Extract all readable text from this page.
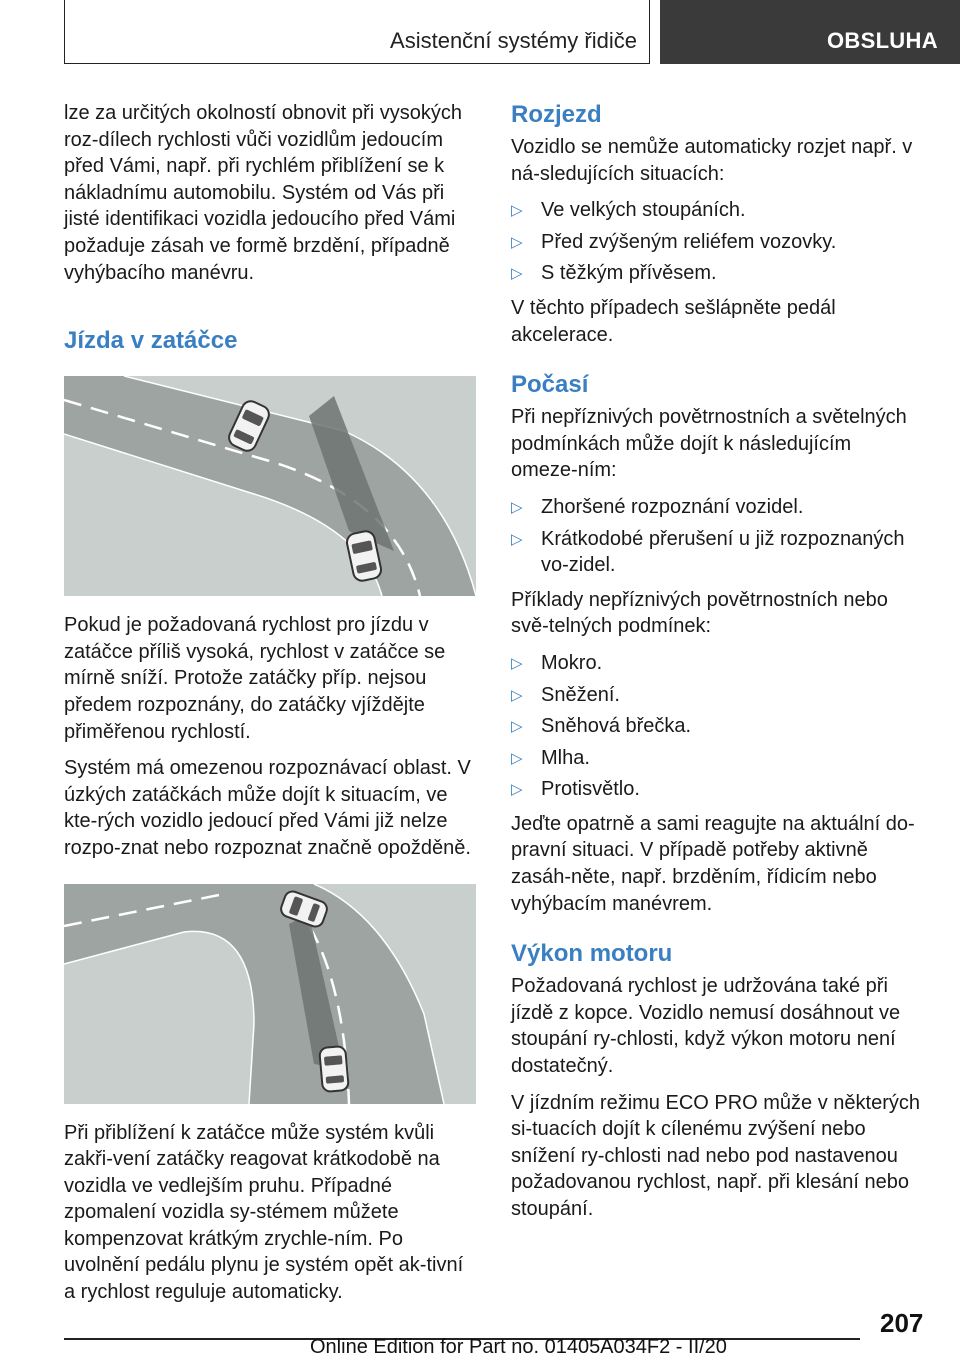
Asistenční systémy řidiče	OBSLUHA

lze za určitých okolností obnovit při vysokých roz-dílech rychlosti vůči vozidlům jedoucím před Vámi, např. při rychlém přiblížení se k nákladnímu automobilu. Systém od Vás při jisté identifikaci vozidla jedoucího před Vámi požaduje zásah ve formě brzdění, případně vyhýbacího manévru.

Jízda v zatáčce

Pokud je požadovaná rychlost pro jízdu v zatáčce příliš vysoká, rychlost v zatáčce se mírně sníží. Protože zatáčky příp. nejsou předem rozpoznány, do zatáčky vjíždějte přiměřenou rychlostí.

Systém má omezenou rozpoznávací oblast. V úzkých zatáčkách může dojít k situacím, ve kte-rých vozidlo jedoucí před Vámi již nelze rozpo-znat nebo rozpoznat značně opožděně.

Při přiblížení k zatáčce může systém kvůli zakři-vení zatáčky reagovat krátkodobě na vozidla ve vedlejším pruhu. Případné zpomalení vozidla sy-stémem můžete kompenzovat krátkým zrychle-ním. Po uvolnění pedálu plynu je systém opět ak-tivní a rychlost reguluje automaticky.

Rozjezd

Vozidlo se nemůže automaticky rozjet např. v ná-sledujících situacích:

▷ Ve velkých stoupáních.
▷ Před zvýšeným reliéfem vozovky.
▷ S těžkým přívěsem.

V těchto případech sešlápněte pedál akcelerace.

Počasí

Při nepříznivých povětrnostních a světelných podmínkách může dojít k následujícím omeze-ním:

▷ Zhoršené rozpoznání vozidel.
▷ Krátkodobé přerušení u již rozpoznaných vo-zidel.

Příklady nepříznivých povětrnostních nebo svě-telných podmínek:

▷ Mokro.
▷ Sněžení.
▷ Sněhová břečka.
▷ Mlha.
▷ Protisvětlo.

Jeďte opatrně a sami reagujte na aktuální do-pravní situaci. V případě potřeby aktivně zasáh-něte, např. brzděním, řídicím nebo vyhýbacím manévrem.

Výkon motoru

Požadovaná rychlost je udržována také při jízdě z kopce. Vozidlo nemusí dosáhnout ve stoupání ry-chlosti, když výkon motoru není dostatečný.

V jízdním režimu ECO PRO může v některých si-tuacích dojít k cílenému zvýšení nebo snížení ry-chlosti nad nebo pod nastavenou požadovanou rychlost, např. při klesání nebo stoupání.

207
Online Edition for Part no. 01405A034F2 - II/20
